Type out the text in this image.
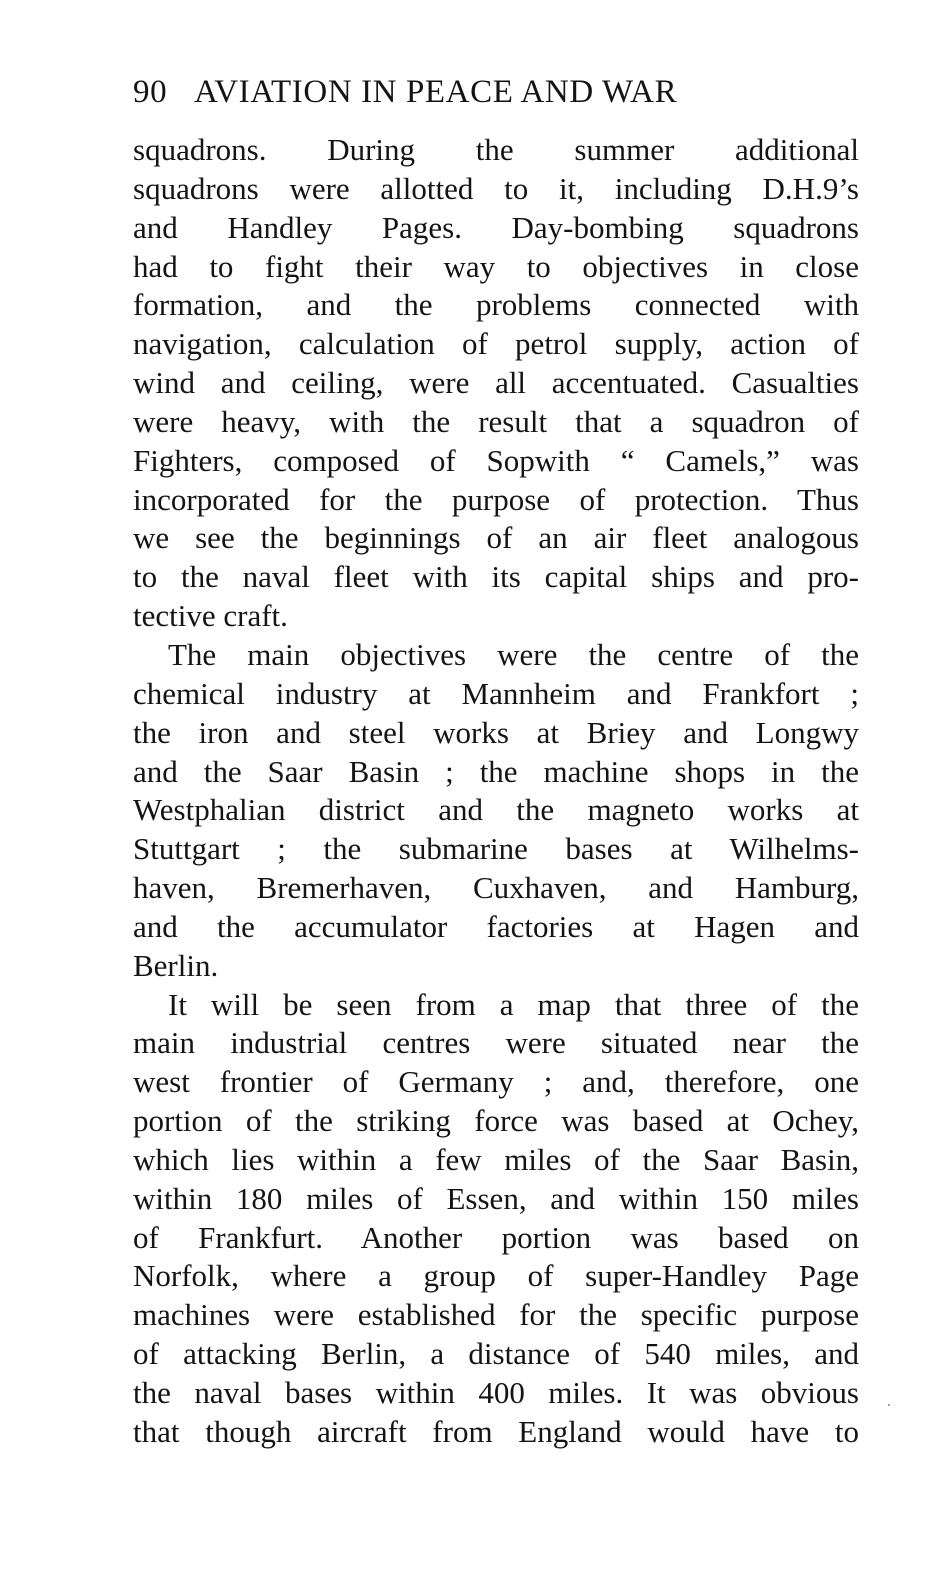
90 AVIATION IN PEACE AND WAR
squadrons. During the summer additional
squadrons were allotted to it, including D.H.9’s
and Handley Pages. Day-bombing squadrons
had to fight their way to objectives in close
formation, and the problems connected with
navigation, calculation of petrol supply, action of
wind and ceiling, were all accentuated. Casualties
were heavy, with the result that a squadron of
Fighters, composed of Sopwith “ Camels,” was
incorporated for the purpose of protection. Thus
we see the beginnings of an air fleet analogous
to the naval fleet with its capital ships and pro-
tective craft.
The main objectives were the centre of the
chemical industry at Mannheim and Frankfort ;
the iron and steel works at Briey and Longwy
and the Saar Basin ; the machine shops in the
Westphalian district and the magneto works at
Stuttgart ; the submarine bases at Wilhelms-
haven, Bremerhaven, Cuxhaven, and Hamburg,
and the accumulator factories at Hagen and
Berlin.
It will be seen from a map that three of the
main industrial centres were situated near the
west frontier of Germany ; and, therefore, one
portion of the striking force was based at Ochey,
which lies within a few miles of the Saar Basin,
within 180 miles of Essen, and within 150 miles
of Frankfurt. Another portion was based on
Norfolk, where a group of super-Handley Page
machines were established for the specific purpose
of attacking Berlin, a distance of 540 miles, and
the naval bases within 400 miles. It was obvious
that though aircraft from England would have to
